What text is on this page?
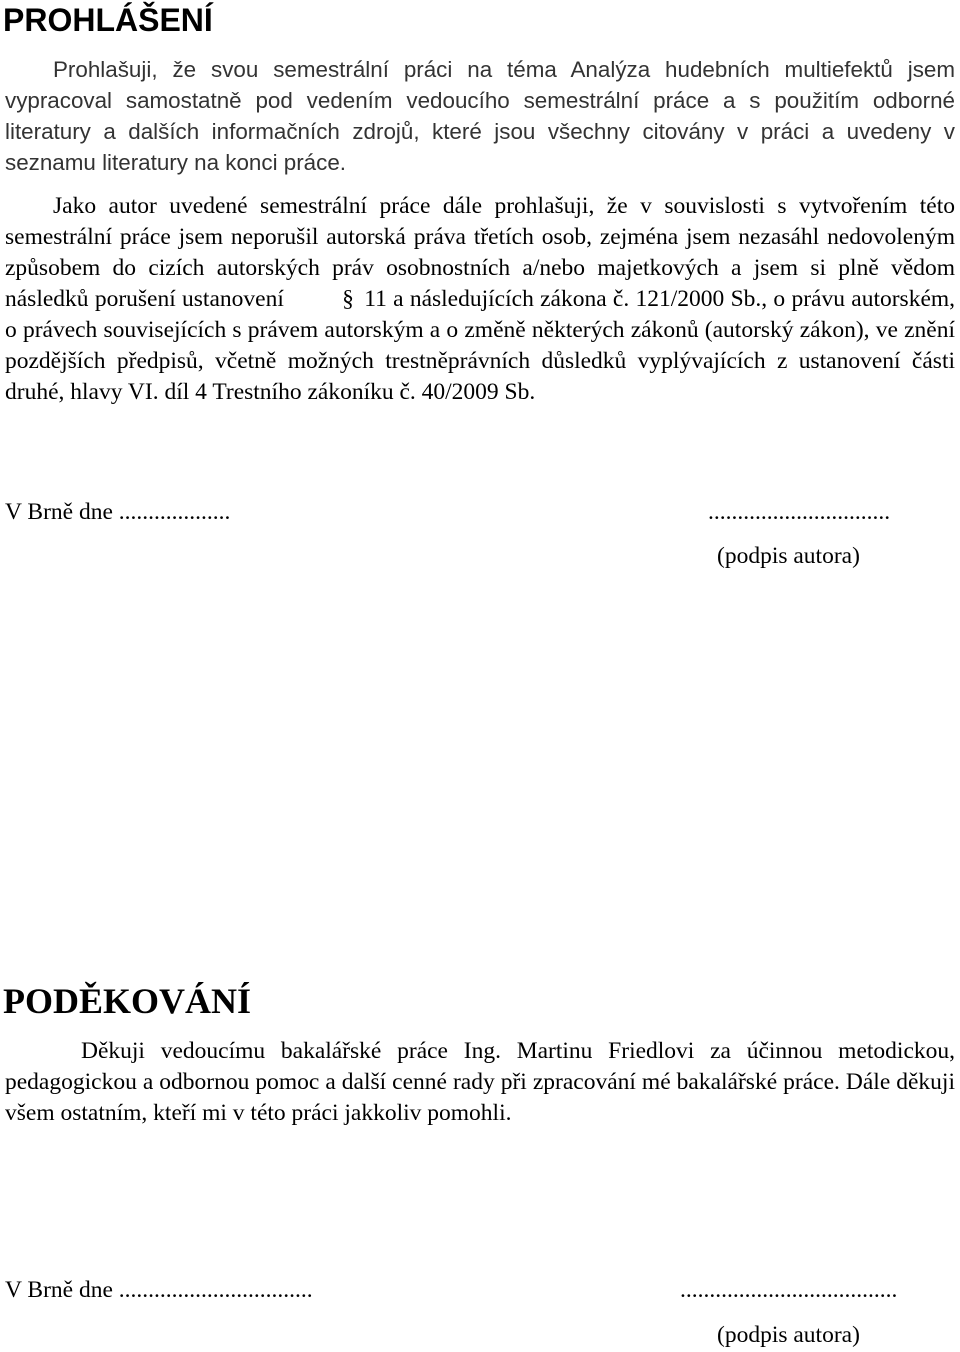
PROHLÁŠENÍ

Prohlašuji, že svou semestrální práci na téma Analýza hudebních multiefektů jsem vypracoval samostatně pod vedením vedoucího semestrální práce a s použitím odborné literatury a dalších informačních zdrojů, které jsou všechny citovány v práci a uvedeny v seznamu literatury na konci práce.

Jako autor uvedené semestrální práce dále prohlašuji, že v souvislosti s vytvořením této semestrální práce jsem neporušil autorská práva třetích osob, zejména jsem nezasáhl nedovoleným způsobem do cizích autorských práv osobnostních a/nebo majetkových a jsem si plně vědom následků porušení ustanovení § 11 a následujících zákona č. 121/2000 Sb., o právu autorském, o právech souvisejících s právem autorským a o změně některých zákonů (autorský zákon), ve znění pozdějších předpisů, včetně možných trestněprávních důsledků vyplývajících z ustanovení části druhé, hlavy VI. díl 4 Trestního zákoníku č. 40/2009 Sb.

V Brně dne ...................	...............................
(podpis autora)
PODĚKOVÁNÍ

Děkuji vedoucímu bakalářské práce Ing. Martinu Friedlovi za účinnou metodickou, pedagogickou a odbornou pomoc a další cenné rady při zpracování mé bakalářské práce. Dále děkuji všem ostatním, kteří mi v této práci jakkoliv pomohli.

V Brně dne .................................	.....................................
(podpis autora)
